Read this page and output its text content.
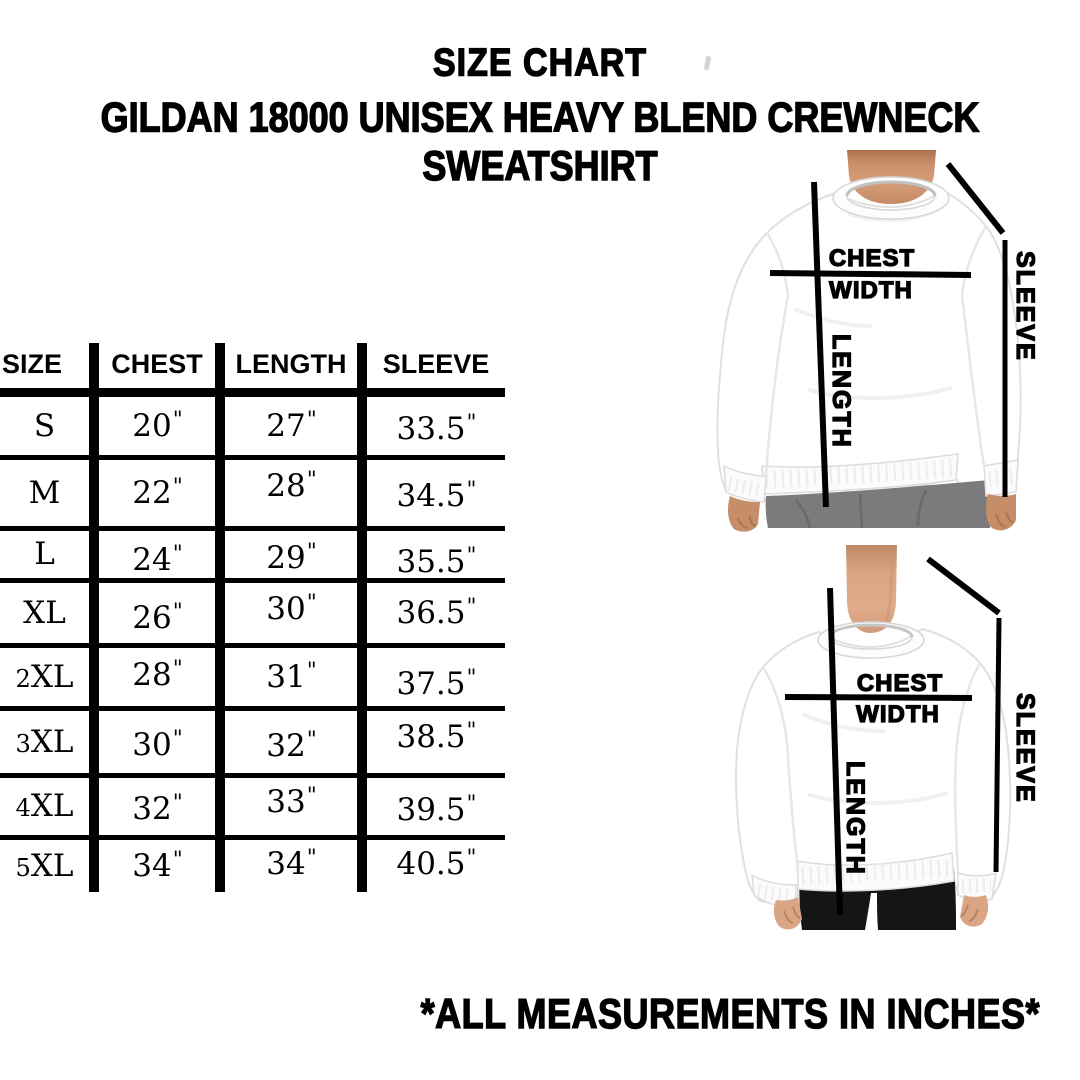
SIZE CHART
GILDAN 18000 UNISEX HEAVY BLEND CREWNECK SWEATSHIRT
SIZE	CHEST	LENGTH	SLEEVE
S	20"	27"	33.5"
M	22"	28"	34.5"
L	24"	29"	35.5"
XL	26"	30"	36.5"

2XL	28"	31"	37.5"

3XL	30"	32"	38.5"

4XL	32"	33"	39.5"

5XL	34"	34"	40.5"
CHEST
WIDTH
LENGTH
SLEEVE
CHEST
WIDTH
LENGTH
SLEEVE
*ALL MEASUREMENTS IN INCHES*
